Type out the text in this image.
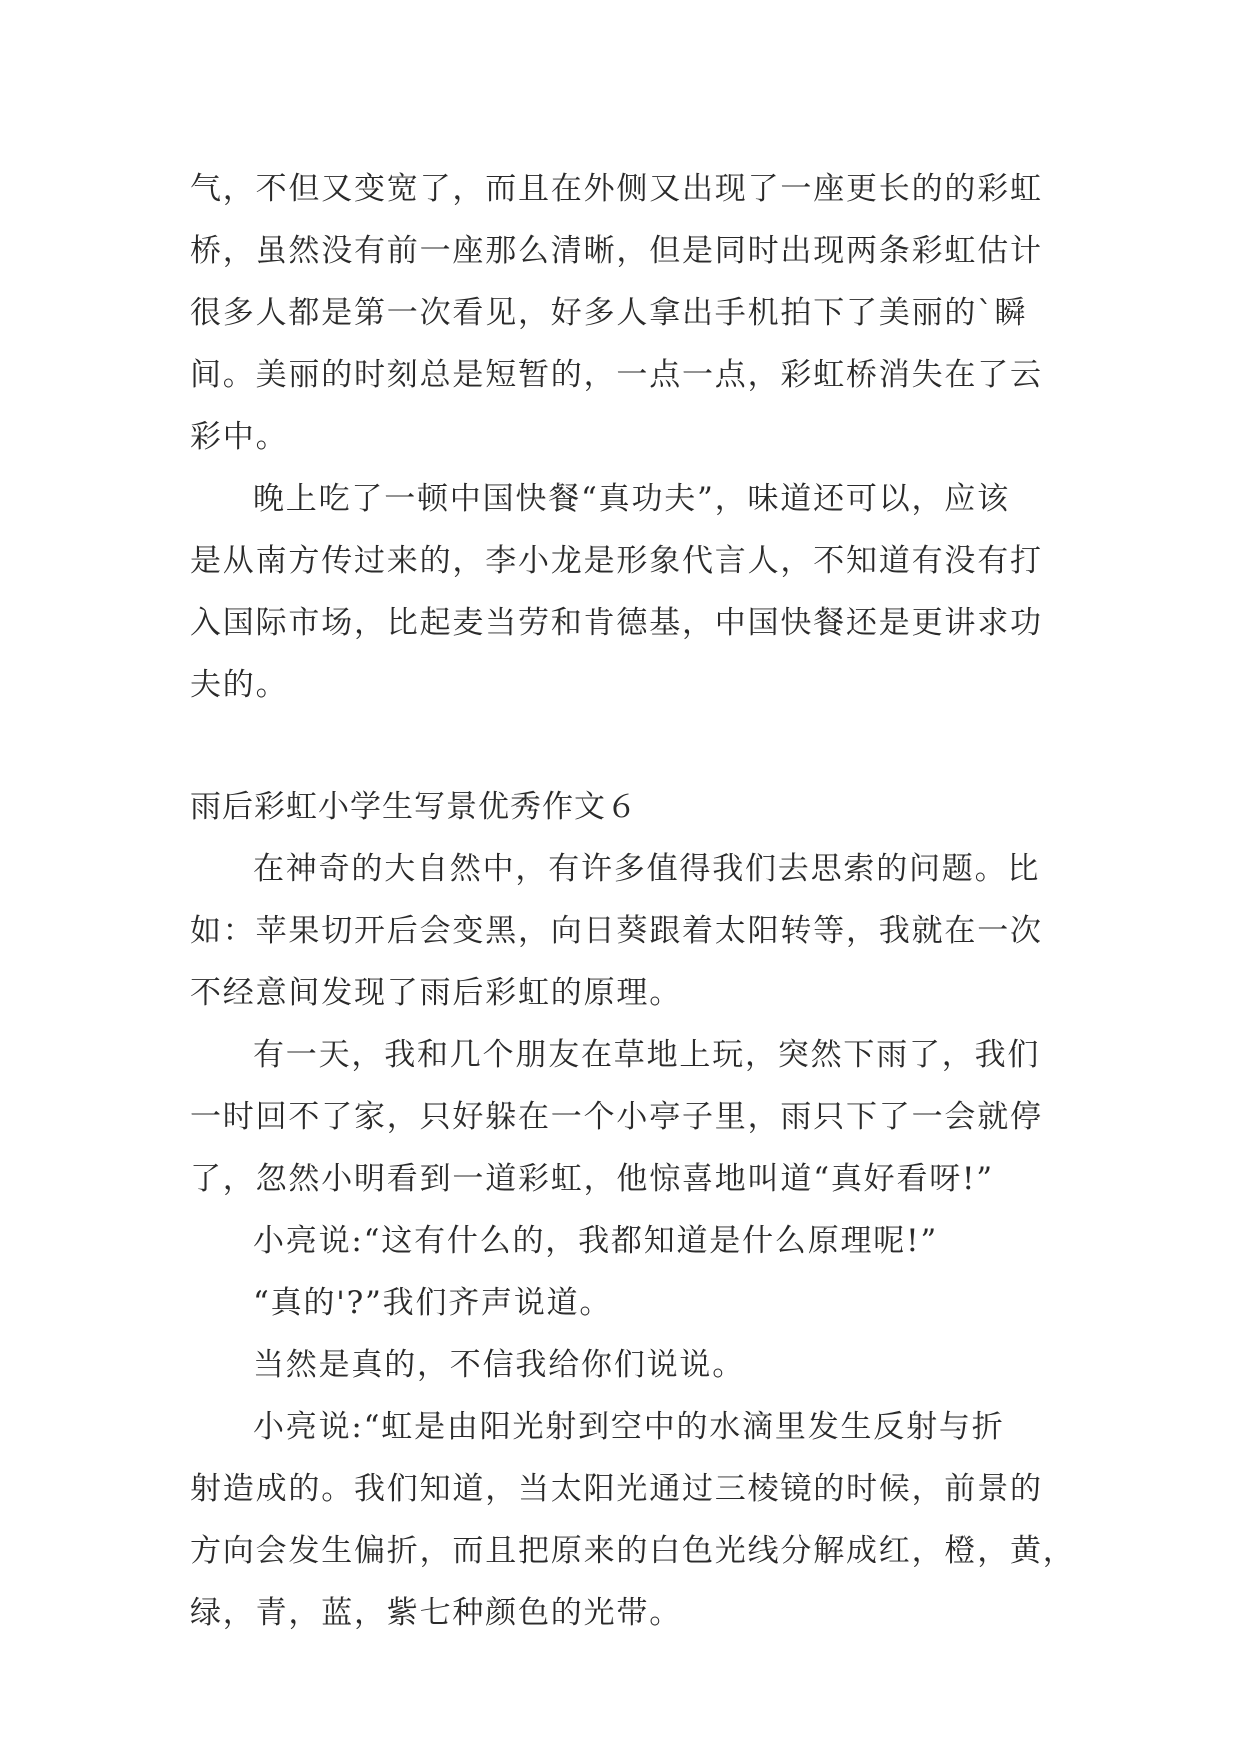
气，不但又变宽了，而且在外侧又出现了一座更长的的彩虹
桥，虽然没有前一座那么清晰，但是同时出现两条彩虹估计
很多人都是第一次看见，好多人拿出手机拍下了美丽的`瞬
间。美丽的时刻总是短暂的，一点一点，彩虹桥消失在了云
彩中。
晚上吃了一顿中国快餐“真功夫”，味道还可以，应该
是从南方传过来的，李小龙是形象代言人，不知道有没有打
入国际市场，比起麦当劳和肯德基，中国快餐还是更讲求功
夫的。
雨后彩虹小学生写景优秀作文６
在神奇的大自然中，有许多值得我们去思索的问题。比
如：苹果切开后会变黑，向日葵跟着太阳转等，我就在一次
不经意间发现了雨后彩虹的原理。
有一天，我和几个朋友在草地上玩，突然下雨了，我们
一时回不了家，只好躲在一个小亭子里，雨只下了一会就停
了，忽然小明看到一道彩虹，他惊喜地叫道“真好看呀!”
小亮说:“这有什么的，我都知道是什么原理呢!”
“真的'?”我们齐声说道。
当然是真的，不信我给你们说说。
小亮说:“虹是由阳光射到空中的水滴里发生反射与折
射造成的。我们知道，当太阳光通过三棱镜的时候，前景的
方向会发生偏折，而且把原来的白色光线分解成红，橙，黄，
绿，青，蓝，紫七种颜色的光带。
